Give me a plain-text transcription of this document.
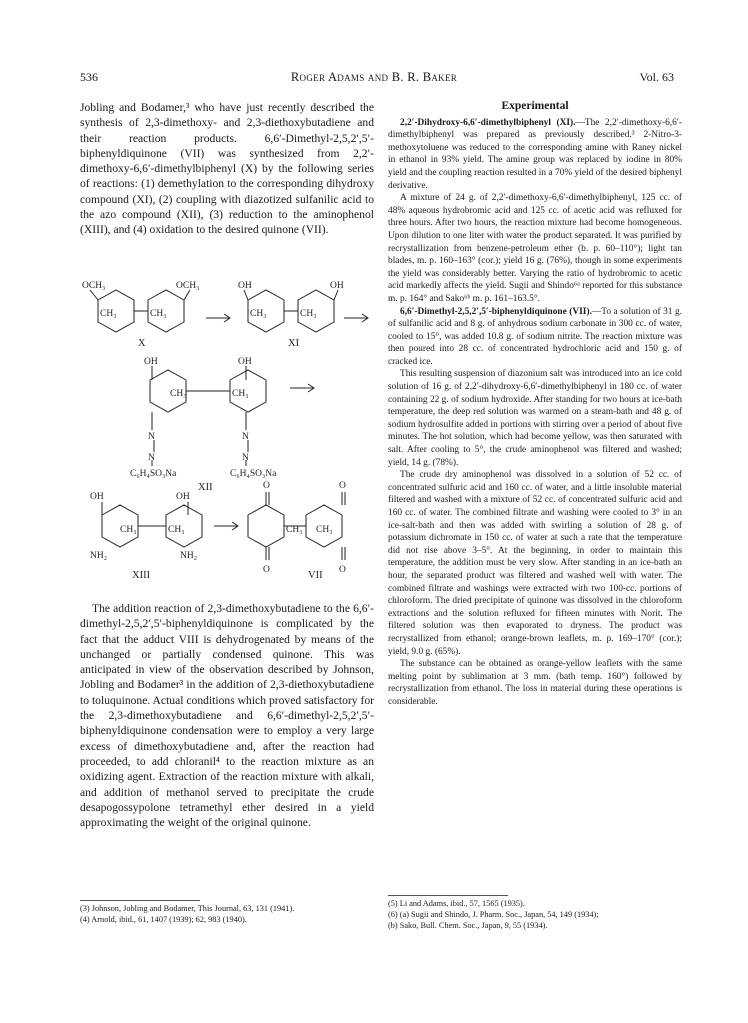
536	Roger Adams and B. R. Baker	Vol. 63

Jobling and Bodamer,³ who have just recently described the synthesis of 2,3-dimethoxy- and 2,3-diethoxybutadiene and their reaction products. 6,6′-Dimethyl-2,5,2′,5′-biphenyldiquinone (VII) was synthesized from 2,2′-dimethoxy-6,6′-dimethylbiphenyl (X) by the following series of reactions: (1) demethylation to the corresponding dihydroxy compound (XI), (2) coupling with diazotized sulfanilic acid to the azo compound (XII), (3) reduction to the aminophenol (XIII), and (4) oxidation to the desired quinone (VII).

OCH₃	OCH₃
CH₃	CH₃
X
OH	OH
CH₃	CH₃
XI
OH	OH
CH₃	CH₃
N	N
N	N
C₆H₄SO₃Na	C₆H₄SO₃Na
XII
OH	OH
CH₃	CH₃
NH₂	NH₂
XIII
O	O
O	O
CH₃ CH₃
VII

The addition reaction of 2,3-dimethoxybutadiene to the 6,6′-dimethyl-2,5,2′,5′-biphenyldiquinone is complicated by the fact that the adduct VIII is dehydrogenated by means of the unchanged or partially condensed quinone. This was anticipated in view of the observation described by Johnson, Jobling and Bodamer³ in the addition of 2,3-diethoxybutadiene to toluquinone. Actual conditions which proved satisfactory for the 2,3-dimethoxybutadiene and 6,6′-dimethyl-2,5,2′,5′-biphenyldiquinone condensation were to employ a very large excess of dimethoxybutadiene and, after the reaction had proceeded, to add chloranil⁴ to the reaction mixture as an oxidizing agent. Extraction of the reaction mixture with alkali, and addition of methanol served to precipitate the crude desapogossypolone tetramethyl ether desired in a yield approximating the weight of the original quinone.

(3) Johnson, Jobling and Bodamer, This Journal, 63, 131 (1941).
(4) Arnold, ibid., 61, 1407 (1939); 62, 983 (1940).
Experimental

2,2′-Dihydroxy-6,6′-dimethylbiphenyl (XI).—The 2,2′-dimethoxy-6,6′-dimethylbiphenyl was prepared as previously described.³ 2-Nitro-3-methoxytoluene was reduced to the corresponding amine with Raney nickel in ethanol in 93% yield. The amine group was replaced by iodine in 80% yield and the coupling reaction resulted in a 70% yield of the desired biphenyl derivative.

A mixture of 24 g. of 2,2′-dimethoxy-6,6′-dimethylbiphenyl, 125 cc. of 48% aqueous hydrobromic acid and 125 cc. of acetic acid was refluxed for three hours. After two hours, the reaction mixture had become homogeneous. Upon dilution to one liter with water the product separated. It was purified by recrystallization from benzene-petroleum ether (b. p. 60–110°); light tan blades, m. p. 160–163° (cor.); yield 16 g. (76%), though in some experiments the yield was considerably better. Varying the ratio of hydrobromic to acetic acid markedly affects the yield. Sugii and Shindo⁶ᵃ reported for this substance m. p. 164° and Sako⁶ᵇ m. p. 161–163.5°.

6,6′-Dimethyl-2,5,2′,5′-biphenyldiquinone (VII).—To a solution of 31 g. of sulfanilic acid and 8 g. of anhydrous sodium carbonate in 300 cc. of water, cooled to 15°, was added 10.8 g. of sodium nitrite. The reaction mixture was then poured into 28 cc. of concentrated hydrochloric acid and 150 g. of cracked ice.

This resulting suspension of diazonium salt was introduced into an ice cold solution of 16 g. of 2,2′-dihydroxy-6,6′-dimethylbiphenyl in 180 cc. of water containing 22 g. of sodium hydroxide. After standing for two hours at ice-bath temperature, the deep red solution was warmed on a steam-bath and 48 g. of sodium hydrosulfite added in portions with stirring over a period of about five minutes. The hot solution, which had become yellow, was then saturated with salt. After cooling to 5°, the crude aminophenol was filtered and washed; yield, 14 g. (78%).

The crude dry aminophenol was dissolved in a solution of 52 cc. of concentrated sulfuric acid and 160 cc. of water, and a little insoluble material filtered and washed with a mixture of 52 cc. of concentrated sulfuric acid and 160 cc. of water. The combined filtrate and washing were cooled to 3° in an ice-salt-bath and then was added with swirling a solution of 28 g. of potassium dichromate in 150 cc. of water at such a rate that the temperature did not rise above 3–5°. At the beginning, in order to maintain this temperature, the addition must be very slow. After standing in an ice-bath an hour, the separated product was filtered and washed well with water. The combined filtrate and washings were extracted with two 100-cc. portions of chloroform. The dried precipitate of quinone was dissolved in the chloroform extractions and the solution refluxed for fifteen minutes with Norit. The filtered solution was then evaporated to dryness. The product was recrystallized from ethanol; orange-brown leaflets, m. p. 169–170° (cor.); yield, 9.0 g. (65%).

The substance can be obtained as orange-yellow leaflets with the same melting point by sublimation at 3 mm. (bath temp. 160°) followed by recrystallization from ethanol. The loss in material during these operations is considerable.

(5) Li and Adams, ibid., 57, 1565 (1935).
(6) (a) Sugii and Shindo, J. Pharm. Soc., Japan, 54, 149 (1934);
(b) Sako, Bull. Chem. Soc., Japan, 9, 55 (1934).
